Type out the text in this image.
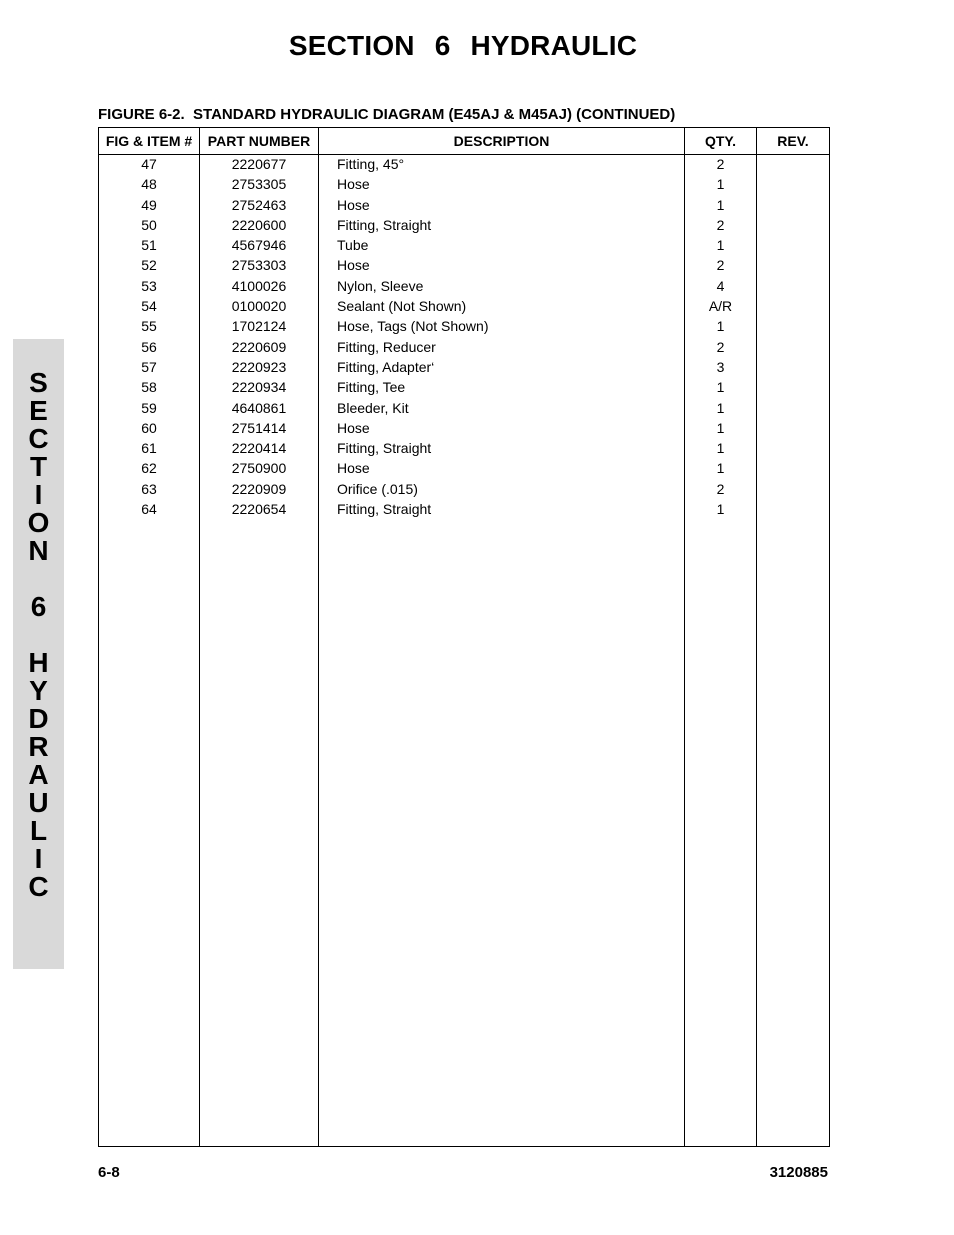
SECTION 6 HYDRAULIC
FIGURE 6-2.  STANDARD HYDRAULIC DIAGRAM (E45AJ & M45AJ) (CONTINUED)
FIG & ITEM #	PART NUMBER	DESCRIPTION	QTY.	REV.
47	2220677	Fitting, 45°	2
48	2753305	Hose	1
49	2752463	Hose	1
50	2220600	Fitting, Straight	2
51	4567946	Tube	1
52	2753303	Hose	2
53	4100026	Nylon, Sleeve	4
54	0100020	Sealant (Not Shown)	A/R
55	1702124	Hose, Tags (Not Shown)	1
56	2220609	Fitting, Reducer	2
57	2220923	Fitting, Adapter‘	3
58	2220934	Fitting, Tee	1
59	4640861	Bleeder, Kit	1
60	2751414	Hose	1
61	2220414	Fitting, Straight	1
62	2750900	Hose	1
63	2220909	Orifice (.015)	2
64	2220654	Fitting, Straight	1
S
E
C
T
I
O
N
6
H
Y
D
R
A
U
L
I
C
6-8	3120885
